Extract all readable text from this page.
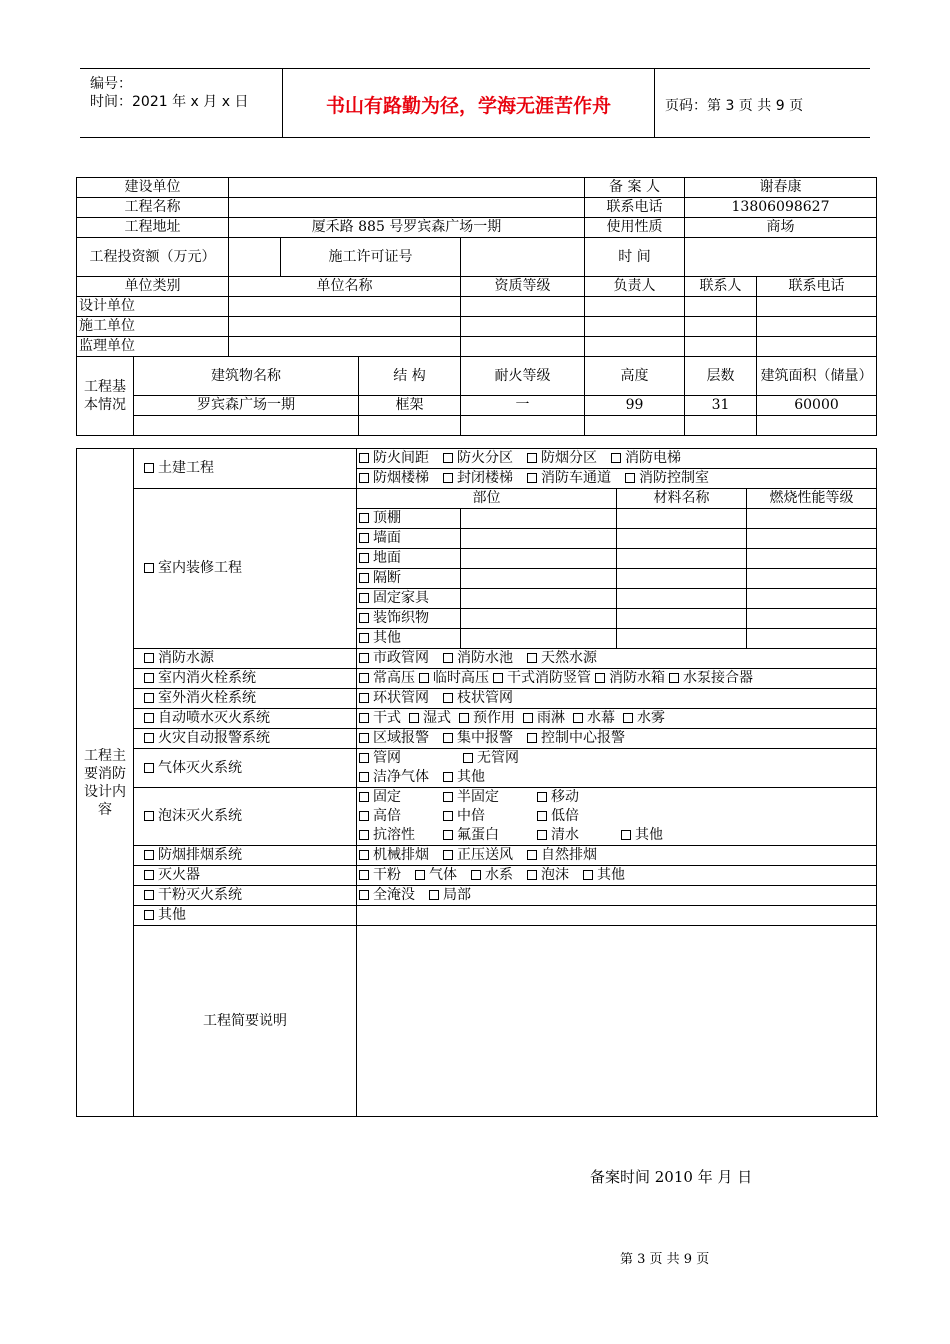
编号：
时间：2021 年 x 月 x 日	书山有路勤为径，学海无涯苦作舟	页码：第 3 页 共 9 页
建设单位						备 案 人	谢春康		
工程名称						联系电话	13806098627		
工程地址		厦禾路 885 号罗宾森广场一期				使用性质	商场		
工程投资额（万元）			施工许可证号			时 间			
单位类别		单位名称			资质等级	负责人	联系人	联系电话	
设计单位									
施工单位									
监理单位									
工程基本情况	建筑物名称			结 构	耐火等级	高度	层数	建筑面积（储量）	
	罗宾森广场一期			框架	一	99	31	60000	

工程主要消防设计内容	土建工程	防火间距 防火分区 防烟分区 消防电梯			
		防烟楼梯 封闭楼梯 消防车通道 消防控制室			
	室内装修工程	部位		材料名称	燃烧性能等级
		顶棚			
		墙面			
		地面			
		隔断			
		固定家具			
		装饰织物			
		其他			
	消防水源	市政管网 消防水池 天然水源			
	室内消火栓系统	常高压 临时高压 干式消防竖管 消防水箱 水泵接合器			
	室外消火栓系统	环状管网 枝状管网			
	自动喷水灭火系统	干式 湿式 预作用 雨淋 水幕 水雾			
	火灾自动报警系统	区域报警 集中报警 控制中心报警			
	气体灭火系统	管网 无管网			
		洁净气体 其他			
	泡沫灭火系统	固定 半固定 移动			
		高倍 中倍 低倍			
		抗溶性 氟蛋白 清水 其他			
	防烟排烟系统	机械排烟 正压送风 自然排烟			
	灭火器	干粉 气体 水系 泡沫 其他			
	干粉灭火系统	全淹没 局部			
	其他				
	工程简要说明				
备案时间 2010 年 月 日
第 3 页 共 9 页
